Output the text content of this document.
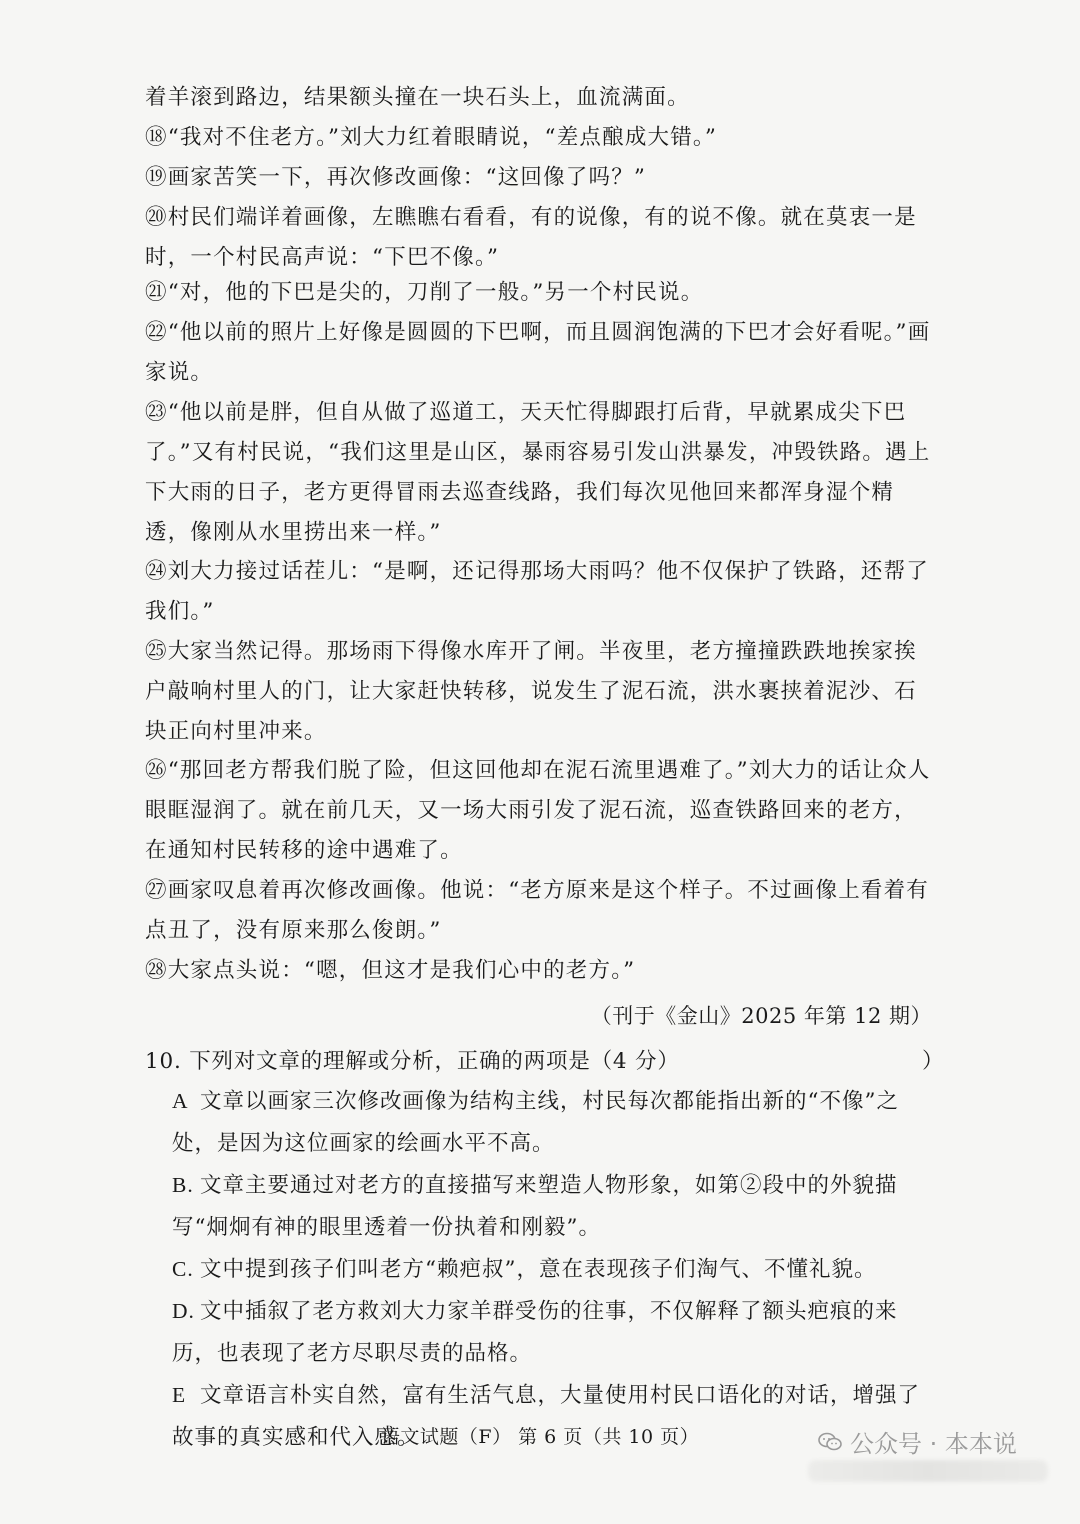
着羊滚到路边，结果额头撞在一块石头上，血流满面。

⑱“我对不住老方。”刘大力红着眼睛说，“差点酿成大错。”

⑲画家苦笑一下，再次修改画像：“这回像了吗？”

⑳村民们端详着画像，左瞧瞧右看看，有的说像，有的说不像。就在莫衷一是时，一个村民高声说：“下巴不像。”

㉑“对，他的下巴是尖的，刀削了一般。”另一个村民说。

㉒“他以前的照片上好像是圆圆的下巴啊，而且圆润饱满的下巴才会好看呢。”画家说。

㉓“他以前是胖，但自从做了巡道工，天天忙得脚跟打后背，早就累成尖下巴了。”又有村民说，“我们这里是山区，暴雨容易引发山洪暴发，冲毁铁路。遇上下大雨的日子，老方更得冒雨去巡查线路，我们每次见他回来都浑身湿个精透，像刚从水里捞出来一样。”

㉔刘大力接过话茬儿：“是啊，还记得那场大雨吗？他不仅保护了铁路，还帮了我们。”

㉕大家当然记得。那场雨下得像水库开了闸。半夜里，老方撞撞跌跌地挨家挨户敲响村里人的门，让大家赶快转移，说发生了泥石流，洪水裹挟着泥沙、石块正向村里冲来。

㉖“那回老方帮我们脱了险，但这回他却在泥石流里遇难了。”刘大力的话让众人眼眶湿润了。就在前几天，又一场大雨引发了泥石流，巡查铁路回来的老方，在通知村民转移的途中遇难了。

㉗画家叹息着再次修改画像。他说：“老方原来是这个样子。不过画像上看着有点丑了，没有原来那么俊朗。”

㉘大家点头说：“嗯，但这才是我们心中的老方。”

（刊于《金山》2025 年第 12 期）
10. 下列对文章的理解或分析，正确的两项是（4 分）	）
A 文章以画家三次修改画像为结构主线，村民每次都能指出新的“不像”之处，是因为这位画家的绘画水平不高。
B. 文章主要通过对老方的直接描写来塑造人物形象，如第②段中的外貌描写“炯炯有神的眼里透着一份执着和刚毅”。
C. 文中提到孩子们叫老方“赖疤叔”，意在表现孩子们淘气、不懂礼貌。
D. 文中插叙了老方救刘大力家羊群受伤的往事，不仅解释了额头疤痕的来历，也表现了老方尽职尽责的品格。
E 文章语言朴实自然，富有生活气息，大量使用村民口语化的对话，增强了故事的真实感和代入感。
语文试题（F） 第 6 页（共 10 页）	公众号 · 本本说
